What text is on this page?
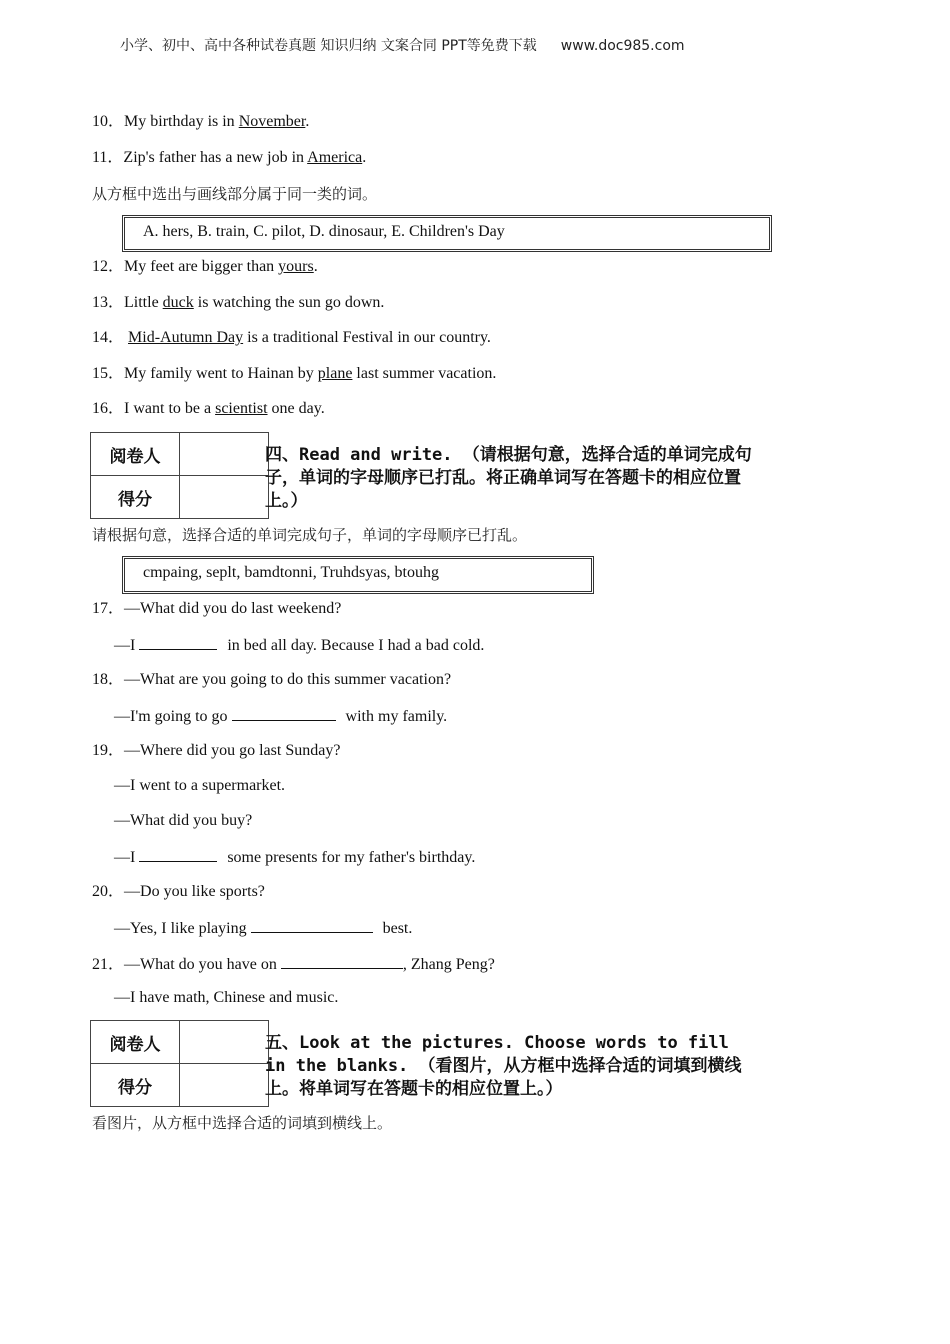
小学、初中、高中各种试卷真题 知识归纳 文案合同 PPT等免费下载 www.doc985.com
10．My birthday is in November.
11．Zip's father has a new job in America.
从方框中选出与画线部分属于同一类的词。
A. hers, B. train, C. pilot, D. dinosaur, E. Children's Day
12．My feet are bigger than yours.
13．Little duck is watching the sun go down.
14． Mid-Autumn Day is a traditional Festival in our country.
15．My family went to Hainan by plane last summer vacation.
16．I want to be a scientist one day.
阅卷人	
得分	
四、Read and write. （请根据句意，选择合适的单词完成句子，单词的字母顺序已打乱。将正确单词写在答题卡的相应位置上。）
请根据句意，选择合适的单词完成句子，单词的字母顺序已打乱。
cmpaing, seplt, bamdtonni, Truhdsyas, btouhg
17．—What did you do last weekend?
—I	in bed all day. Because I had a bad cold.
18．—What are you going to do this summer vacation?
—I'm going to go	with my family.
19．—Where did you go last Sunday?
—I went to a supermarket.
—What did you buy?
—I	some presents for my father's birthday.
20．—Do you like sports?
—Yes, I like playing	best.
21．—What do you have on	, Zhang Peng?
—I have math, Chinese and music.
阅卷人	
得分	
五、Look at the pictures. Choose words to fill in the blanks. （看图片，从方框中选择合适的词填到横线上。将单词写在答题卡的相应位置上。）
看图片，从方框中选择合适的词填到横线上。
